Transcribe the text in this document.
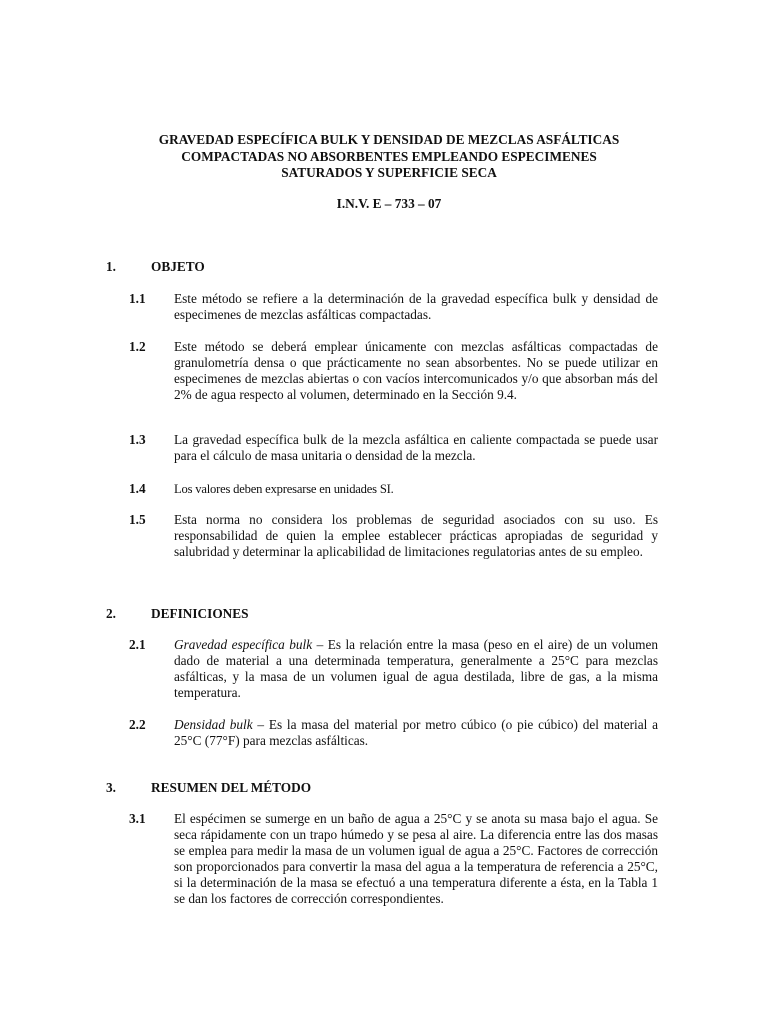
GRAVEDAD ESPECÍFICA BULK Y DENSIDAD DE MEZCLAS ASFÁLTICAS
COMPACTADAS NO ABSORBENTES EMPLEANDO ESPECIMENES
SATURADOS Y SUPERFICIE SECA
I.N.V. E – 733 – 07
1.	OBJETO
1.1 Este método se refiere a la determinación de la gravedad específica bulk y densidad de especimenes de mezclas asfálticas compactadas.
1.2 Este método se deberá emplear únicamente con mezclas asfálticas compactadas de granulometría densa o que prácticamente no sean absorbentes. No se puede utilizar en especimenes de mezclas abiertas o con vacíos intercomunicados y/o que absorban más del 2% de agua respecto al volumen, determinado en la Sección 9.4.
1.3 La gravedad específica bulk de la mezcla asfáltica en caliente compactada se puede usar para el cálculo de masa unitaria o densidad de la mezcla.
1.4 Los valores deben expresarse en unidades SI.
1.5 Esta norma no considera los problemas de seguridad asociados con su uso. Es responsabilidad de quien la emplee establecer prácticas apropiadas de seguridad y salubridad y determinar la aplicabilidad de limitaciones regulatorias antes de su empleo.
2.	DEFINICIONES
2.1 Gravedad específica bulk – Es la relación entre la masa (peso en el aire) de un volumen dado de material a una determinada temperatura, generalmente a 25°C para mezclas asfálticas, y la masa de un volumen igual de agua destilada, libre de gas, a la misma temperatura.
2.2 Densidad bulk – Es la masa del material por metro cúbico (o pie cúbico) del material a 25°C (77°F) para mezclas asfálticas.
3.	RESUMEN DEL MÉTODO
3.1 El espécimen se sumerge en un baño de agua a 25°C y se anota su masa bajo el agua. Se seca rápidamente con un trapo húmedo y se pesa al aire. La diferencia entre las dos masas se emplea para medir la masa de un volumen igual de agua a 25°C. Factores de corrección son proporcionados para convertir la masa del agua a la temperatura de referencia a 25°C, si la determinación de la masa se efectuó a una temperatura diferente a ésta, en la Tabla 1 se dan los factores de corrección correspondientes.
